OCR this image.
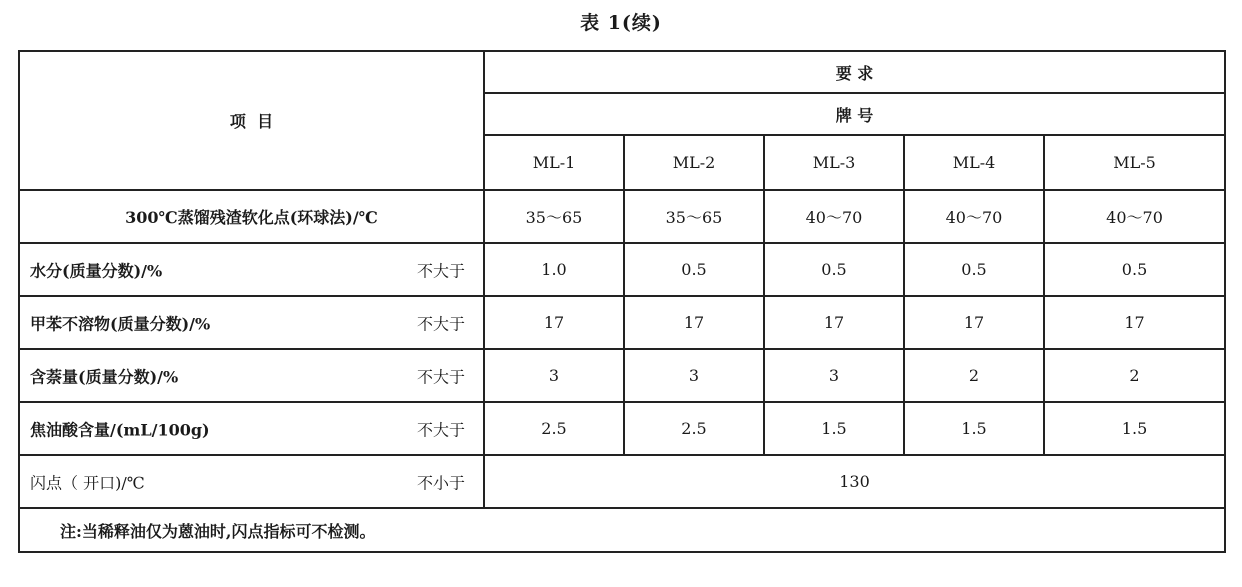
表 1(续)
项  目	要 求				
	牌 号				
	ML-1	ML-2	ML-3	ML-4	ML-5
300℃蒸馏残渣软化点(环球法)/℃	35～65	35～65	40～70	40～70	40～70

水分(质量分数)/% 不大于	1.0	0.5	0.5	0.5	0.5

甲苯不溶物(质量分数)/% 不大于	17	17	17	17	17

含萘量(质量分数)/% 不大于	3	3	3	2	2

焦油酸含量/(mL/100g) 不大于	2.5	2.5	1.5	1.5	1.5

闪点（ 开口)/℃ 不小于	130				
注:当稀释油仅为蒽油时,闪点指标可不检测。					
